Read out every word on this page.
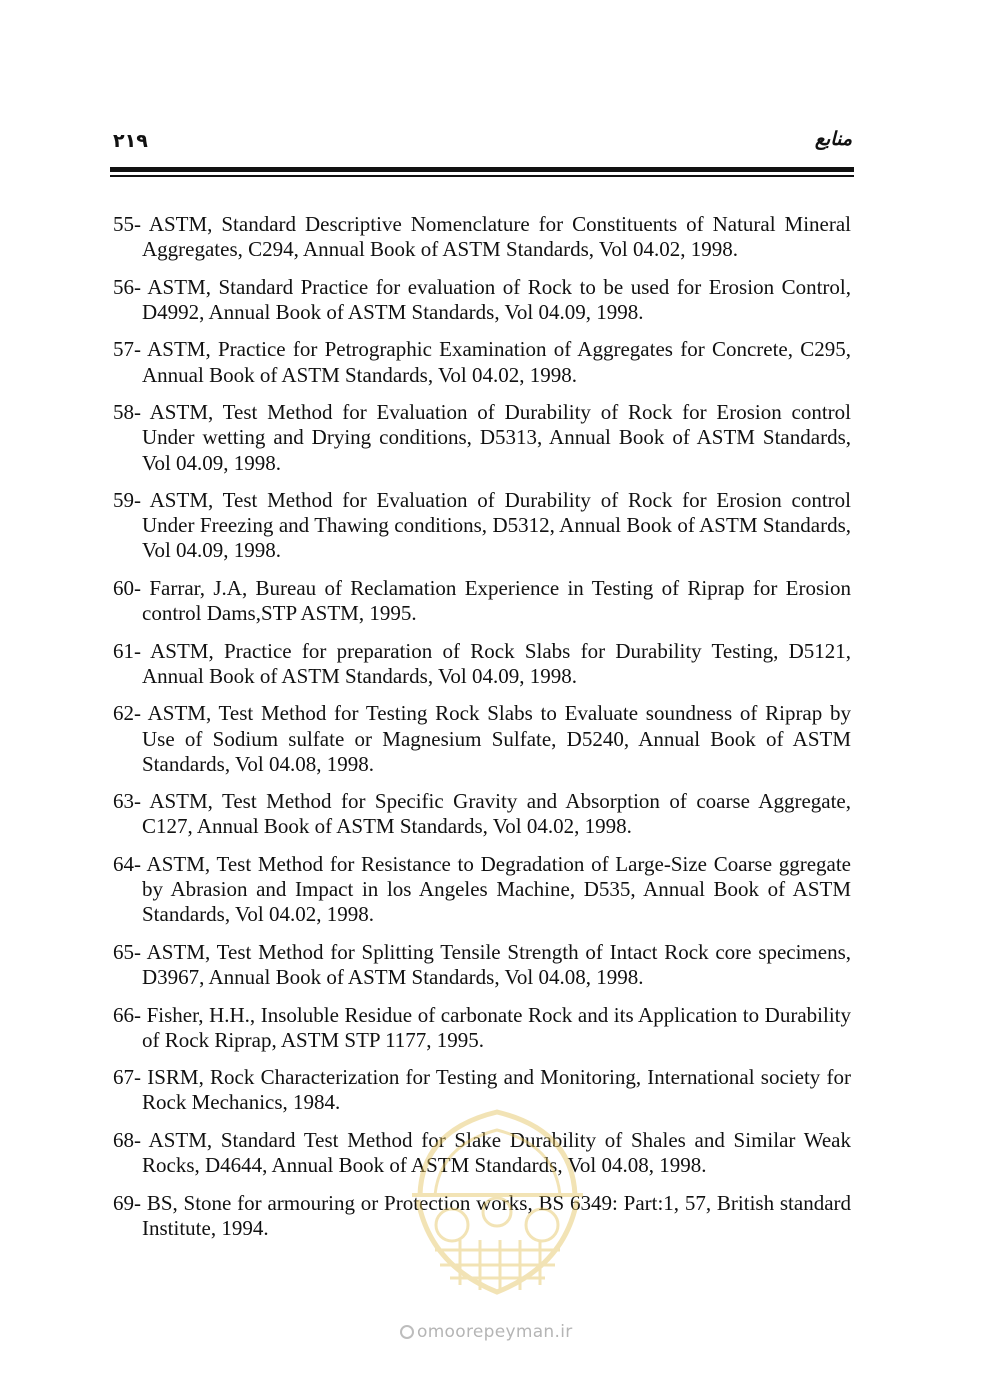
۲۱۹	منابع
55- ASTM, Standard Descriptive Nomenclature for Constituents of Natural Mineral Aggregates, C294, Annual Book of ASTM Standards, Vol 04.02, 1998.
56- ASTM, Standard Practice for evaluation of Rock to be used for Erosion Control, D4992, Annual Book of ASTM Standards, Vol 04.09, 1998.
57- ASTM, Practice for Petrographic Examination of Aggregates for Concrete, C295, Annual Book of ASTM Standards, Vol 04.02, 1998.
58- ASTM, Test Method for Evaluation of Durability of Rock for Erosion control Under wetting and Drying conditions, D5313, Annual Book of ASTM Standards, Vol 04.09, 1998.
59- ASTM, Test Method for Evaluation of Durability of Rock for Erosion control Under Freezing and Thawing conditions, D5312, Annual Book of ASTM Standards, Vol 04.09, 1998.
60- Farrar, J.A, Bureau of Reclamation Experience in Testing of Riprap for Erosion control Dams,STP ASTM, 1995.
61- ASTM, Practice for preparation of Rock Slabs for Durability Testing, D5121, Annual Book of ASTM Standards, Vol 04.09, 1998.
62- ASTM, Test Method for Testing Rock Slabs to Evaluate soundness of Riprap by Use of Sodium sulfate or Magnesium Sulfate, D5240, Annual Book of ASTM Standards, Vol 04.08, 1998.
63- ASTM, Test Method for Specific Gravity and Absorption of coarse Aggregate, C127, Annual Book of ASTM Standards, Vol 04.02, 1998.
64- ASTM, Test Method for Resistance to Degradation of Large-Size Coarse ggregate by Abrasion and Impact in los Angeles Machine, D535, Annual Book of ASTM Standards, Vol 04.02, 1998.
65- ASTM, Test Method for Splitting Tensile Strength of Intact Rock core specimens, D3967, Annual Book of ASTM Standards, Vol 04.08, 1998.
66- Fisher, H.H., Insoluble Residue of carbonate Rock and its Application to Durability of Rock Riprap, ASTM STP 1177, 1995.
67- ISRM, Rock Characterization for Testing and Monitoring, International society for Rock Mechanics, 1984.
68- ASTM, Standard Test Method for Slake Durability of Shales and Similar Weak Rocks, D4644, Annual Book of ASTM Standards, Vol 04.08, 1998.
69- BS, Stone for armouring or Protection works, BS 6349: Part:1, 57, British standard Institute, 1994.
omoorepeyman.ir
